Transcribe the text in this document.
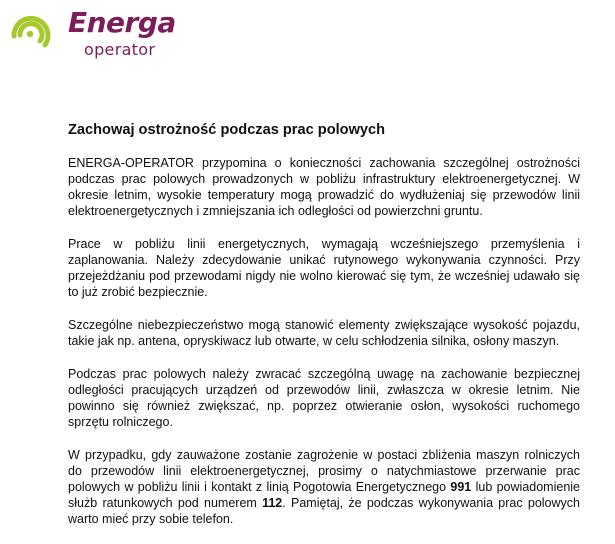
Energa
operator
Zachowaj ostrożność podczas prac polowych

ENERGA-OPERATOR przypomina o konieczności zachowania szczególnej ostrożności podczas prac polowych prowadzonych w pobliżu infrastruktury elektroenergetycznej. W okresie letnim, wysokie temperatury mogą prowadzić do wydłużeniaj się przewodów linii elektroenergetycznych i zmniejszania ich odległości od powierzchni gruntu.

Prace w pobliżu linii energetycznych, wymagają wcześniejszego przemyślenia i zaplanowania. Należy zdecydowanie unikać rutynowego wykonywania czynności. Przy przejeżdżaniu pod przewodami nigdy nie wolno kierować się tym, że wcześniej udawało się to już zrobić bezpiecznie.

Szczególne niebezpieczeństwo mogą stanowić elementy zwiększające wysokość pojazdu, takie jak np. antena, opryskiwacz lub otwarte, w celu schłodzenia silnika, osłony maszyn.

Podczas prac polowych należy zwracać szczególną uwagę na zachowanie bezpiecznej odległości pracujących urządzeń od przewodów linii, zwłaszcza w okresie letnim. Nie powinno się również zwiększać, np. poprzez otwieranie osłon, wysokości ruchomego sprzętu rolniczego.

W przypadku, gdy zauważone zostanie zagrożenie w postaci zbliżenia maszyn rolniczych do przewodów linii elektroenergetycznej, prosimy o natychmiastowe przerwanie prac polowych w pobliżu linii i kontakt z linią Pogotowia Energetycznego 991 lub powiadomienie służb ratunkowych pod numerem 112. Pamiętaj, że podczas wykonywania prac polowych warto mieć przy sobie telefon.
